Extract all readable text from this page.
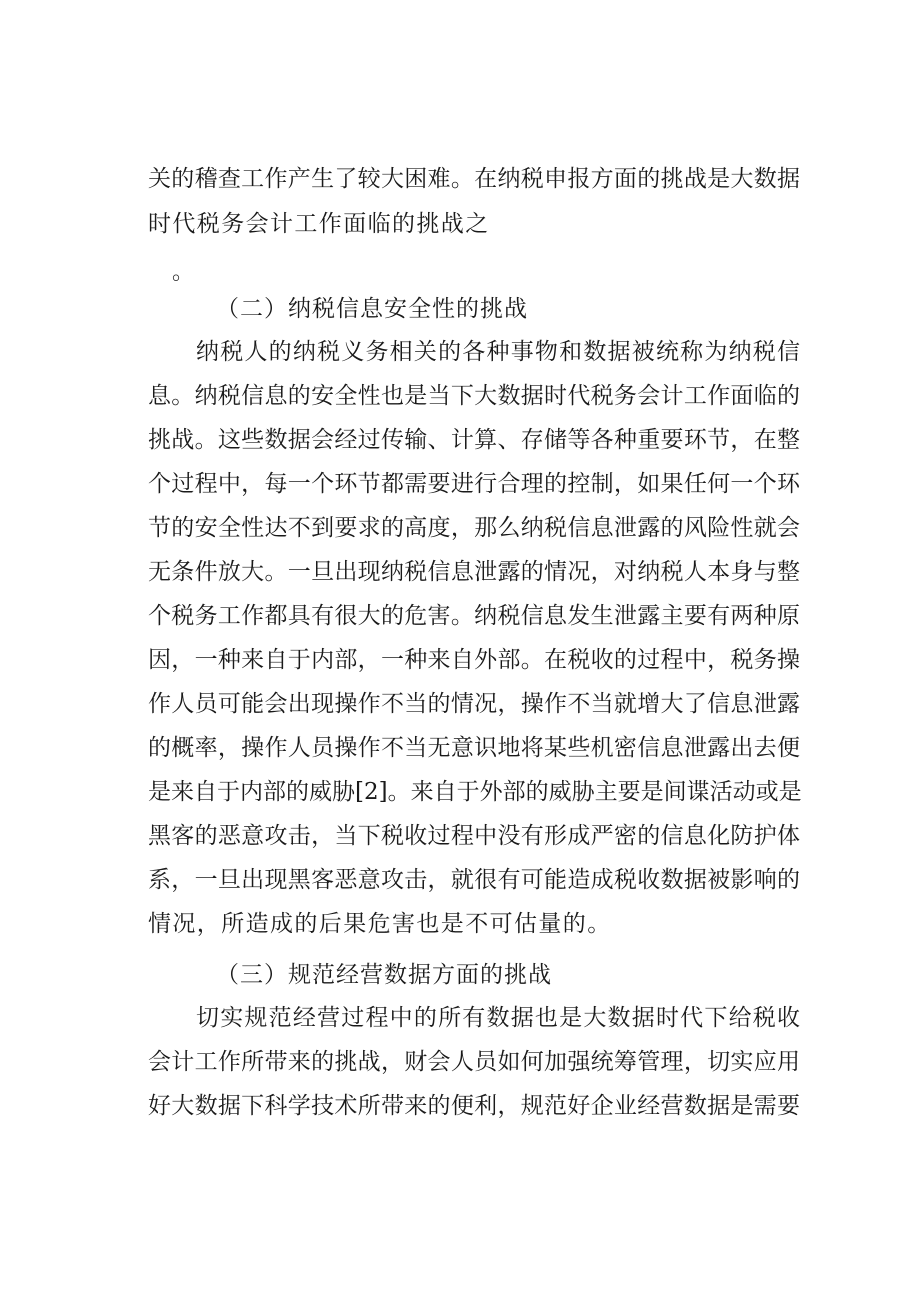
关的稽查工作产生了较大困难。在纳税申报方面的挑战是大数据
时代税务会计工作面临的挑战之
。
（二）纳税信息安全性的挑战
纳税人的纳税义务相关的各种事物和数据被统称为纳税信
息。纳税信息的安全性也是当下大数据时代税务会计工作面临的
挑战。这些数据会经过传输、计算、存储等各种重要环节，在整
个过程中，每一个环节都需要进行合理的控制，如果任何一个环
节的安全性达不到要求的高度，那么纳税信息泄露的风险性就会
无条件放大。一旦出现纳税信息泄露的情况，对纳税人本身与整
个税务工作都具有很大的危害。纳税信息发生泄露主要有两种原
因，一种来自于内部，一种来自外部。在税收的过程中，税务操
作人员可能会出现操作不当的情况，操作不当就增大了信息泄露
的概率，操作人员操作不当无意识地将某些机密信息泄露出去便
是来自于内部的威胁[2]。来自于外部的威胁主要是间谍活动或是
黑客的恶意攻击，当下税收过程中没有形成严密的信息化防护体
系，一旦出现黑客恶意攻击，就很有可能造成税收数据被影响的
情况，所造成的后果危害也是不可估量的。
（三）规范经营数据方面的挑战
切实规范经营过程中的所有数据也是大数据时代下给税收
会计工作所带来的挑战，财会人员如何加强统筹管理，切实应用
好大数据下科学技术所带来的便利，规范好企业经营数据是需要
